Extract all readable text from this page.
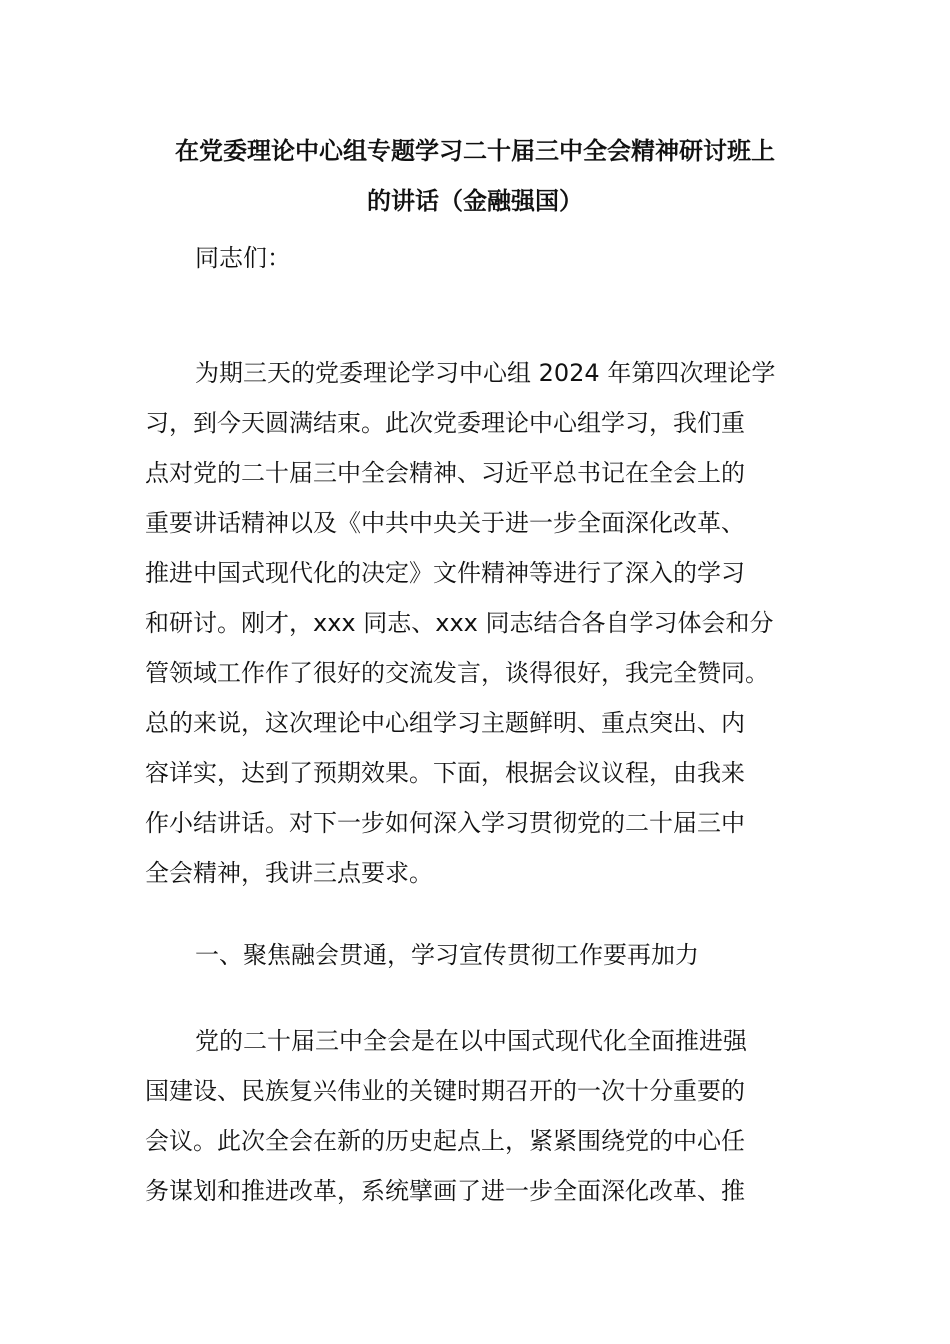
在党委理论中心组专题学习二十届三中全会精神研讨班上
的讲话（金融强国）

同志们：

为期三天的党委理论学习中心组 2024 年第四次理论学
习，到今天圆满结束。此次党委理论中心组学习，我们重
点对党的二十届三中全会精神、习近平总书记在全会上的
重要讲话精神以及《中共中央关于进一步全面深化改革、
推进中国式现代化的决定》文件精神等进行了深入的学习
和研讨。刚才，xxx 同志、xxx 同志结合各自学习体会和分
管领域工作作了很好的交流发言，谈得很好，我完全赞同。
总的来说，这次理论中心组学习主题鲜明、重点突出、内
容详实，达到了预期效果。下面，根据会议议程，由我来
作小结讲话。对下一步如何深入学习贯彻党的二十届三中
全会精神，我讲三点要求。

一、聚焦融会贯通，学习宣传贯彻工作要再加力

党的二十届三中全会是在以中国式现代化全面推进强
国建设、民族复兴伟业的关键时期召开的一次十分重要的
会议。此次全会在新的历史起点上，紧紧围绕党的中心任
务谋划和推进改革，系统擘画了进一步全面深化改革、推
